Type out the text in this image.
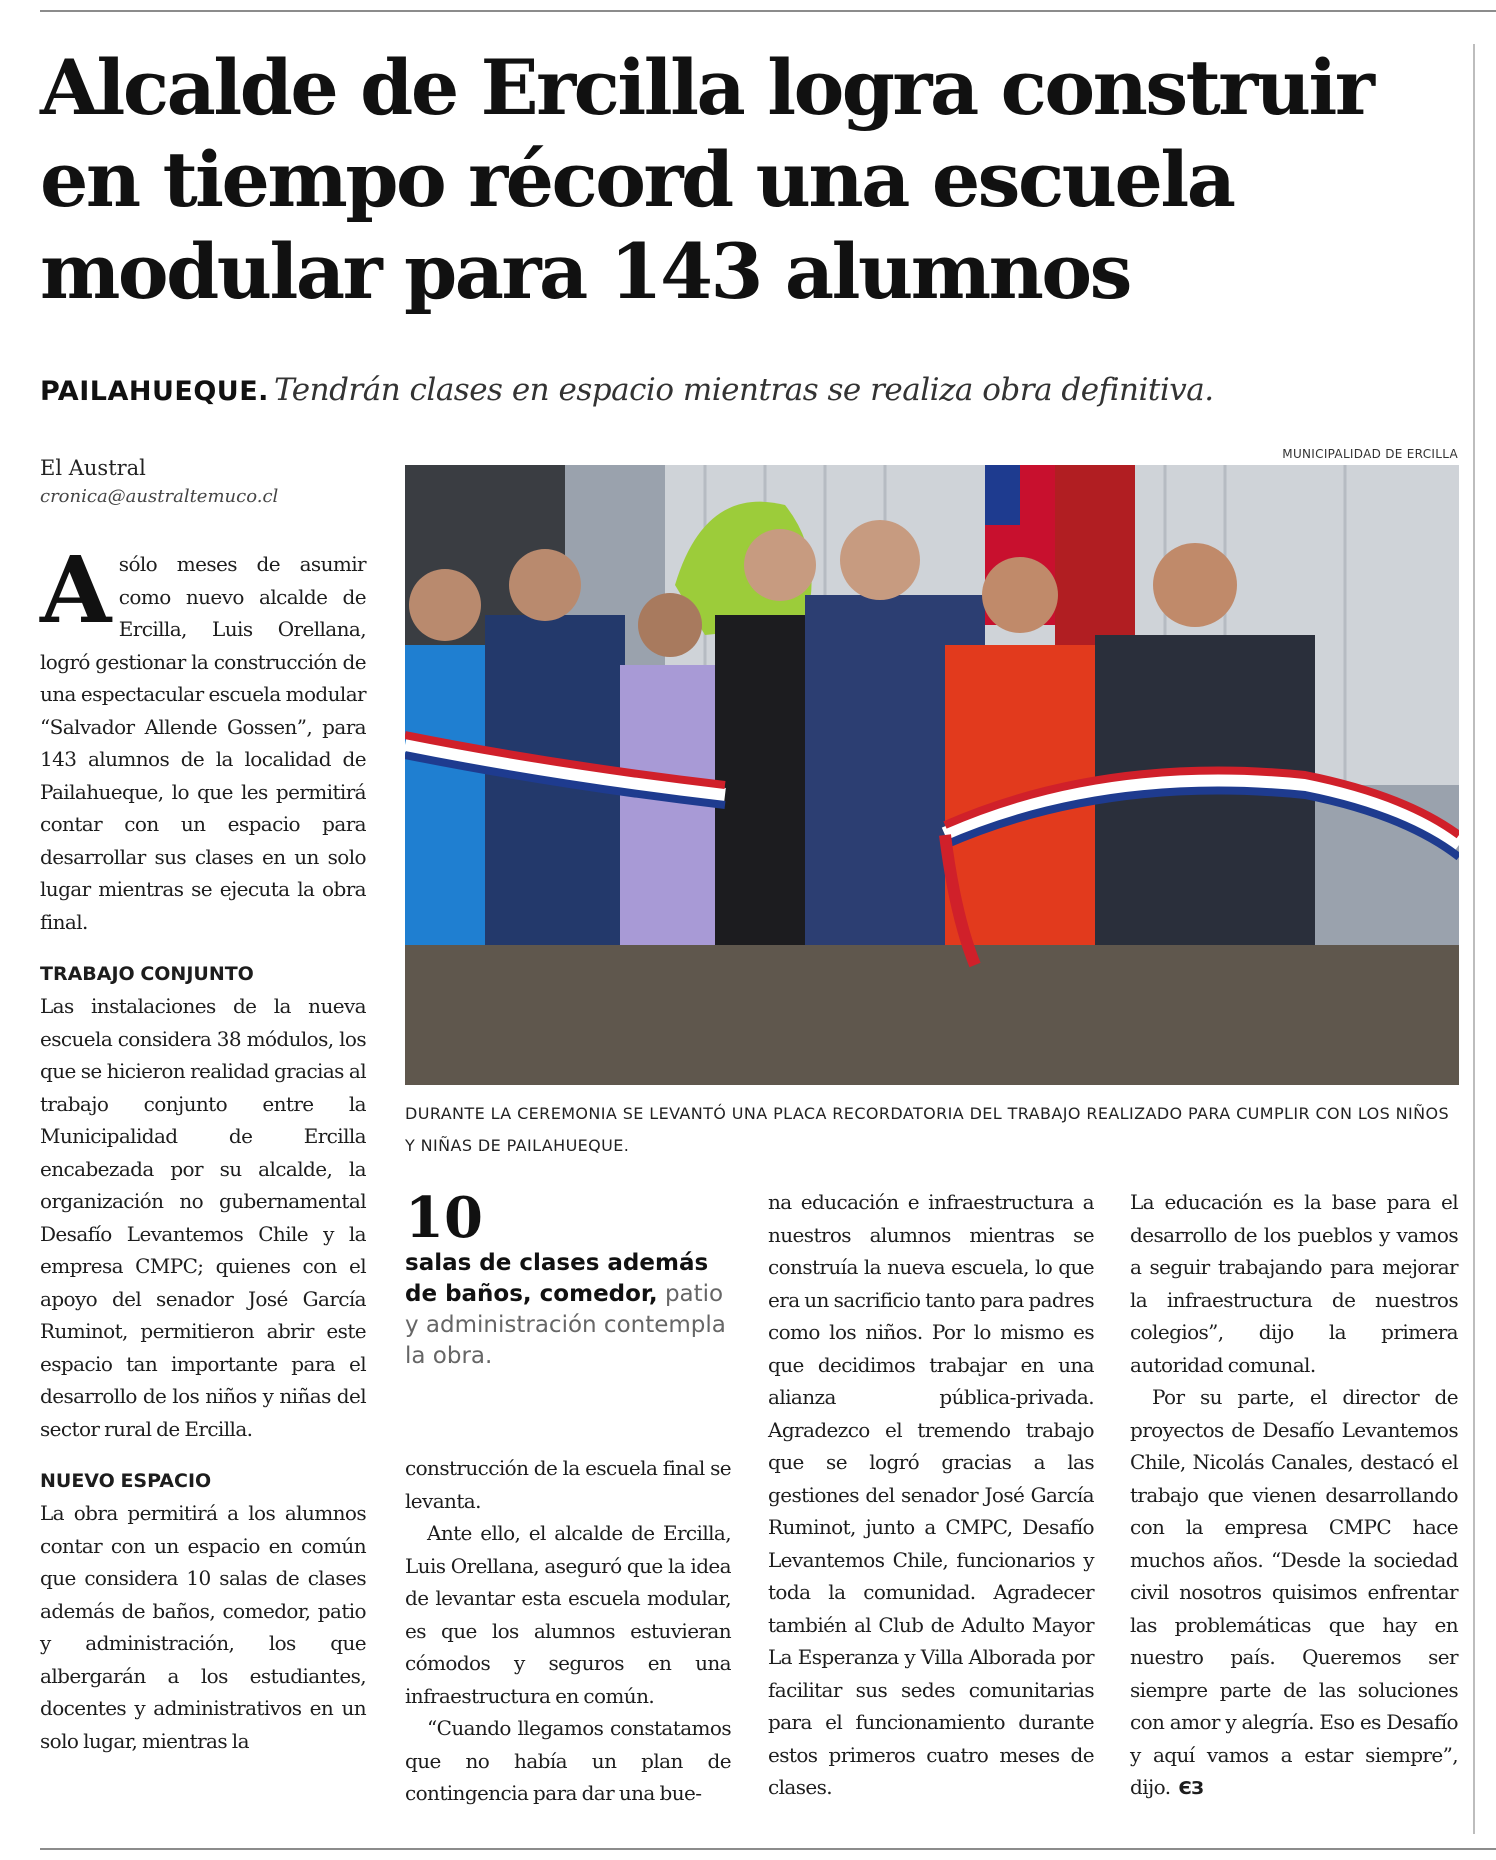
Alcalde de Ercilla logra construir
en tiempo récord una escuela
modular para 143 alumnos
PAILAHUEQUE. Tendrán clases en espacio mientras se realiza obra definitiva.
El Austral
cronica@australtemuco.cl

Asólo meses de asumir como nuevo alcalde de Ercilla, Luis Orellana, logró gestionar la construcción de una espectacular escuela modular “Salvador Allende Gossen”, para 143 alumnos de la localidad de Pailahueque, lo que les permitirá contar con un espacio para desarrollar sus clases en un solo lugar mientras se ejecuta la obra final.

TRABAJO CONJUNTO

Las instalaciones de la nueva escuela considera 38 módulos, los que se hicieron realidad gracias al trabajo conjunto entre la Municipalidad de Ercilla encabezada por su alcalde, la organización no gubernamental Desafío Levantemos Chile y la empresa CMPC; quienes con el apoyo del senador José García Ruminot, permitieron abrir este espacio tan importante para el desarrollo de los niños y niñas del sector rural de Ercilla.

NUEVO ESPACIO

La obra permitirá a los alumnos contar con un espacio en común que considera 10 salas de clases además de baños, comedor, patio y administración, los que albergarán a los estudiantes, docentes y administrativos en un solo lugar, mientras la

MUNICIPALIDAD DE ERCILLA
DURANTE LA CEREMONIA SE LEVANTÓ UNA PLACA RECORDATORIA DEL TRABAJO REALIZADO PARA CUMPLIR CON LOS NIÑOS Y NIÑAS DE PAILAHUEQUE.
10
salas de clases además de baños, comedor, patio y administración contempla la obra.

construcción de la escuela final se levanta.

Ante ello, el alcalde de Ercilla, Luis Orellana, aseguró que la idea de levantar esta escuela modular, es que los alumnos estuvieran cómodos y seguros en una infraestructura en común.

“Cuando llegamos constatamos que no había un plan de contingencia para dar una bue-

na educación e infraestructura a nuestros alumnos mientras se construía la nueva escuela, lo que era un sacrificio tanto para padres como los niños. Por lo mismo es que decidimos trabajar en una alianza pública-privada. Agradezco el tremendo trabajo que se logró gracias a las gestiones del senador José García Ruminot, junto a CMPC, Desafío Levantemos Chile, funcionarios y toda la comunidad. Agradecer también al Club de Adulto Mayor La Esperanza y Villa Alborada por facilitar sus sedes comunitarias para el funcionamiento durante estos primeros cuatro meses de clases.

La educación es la base para el desarrollo de los pueblos y vamos a seguir trabajando para mejorar la infraestructura de nuestros colegios”, dijo la primera autoridad comunal.

Por su parte, el director de proyectos de Desafío Levantemos Chile, Nicolás Canales, destacó el trabajo que vienen desarrollando con la empresa CMPC hace muchos años. “Desde la sociedad civil nosotros quisimos enfrentar las problemáticas que hay en nuestro país. Queremos ser siempre parte de las soluciones con amor y alegría. Eso es Desafío y aquí vamos a estar siempre”, dijo. ЄЗ
